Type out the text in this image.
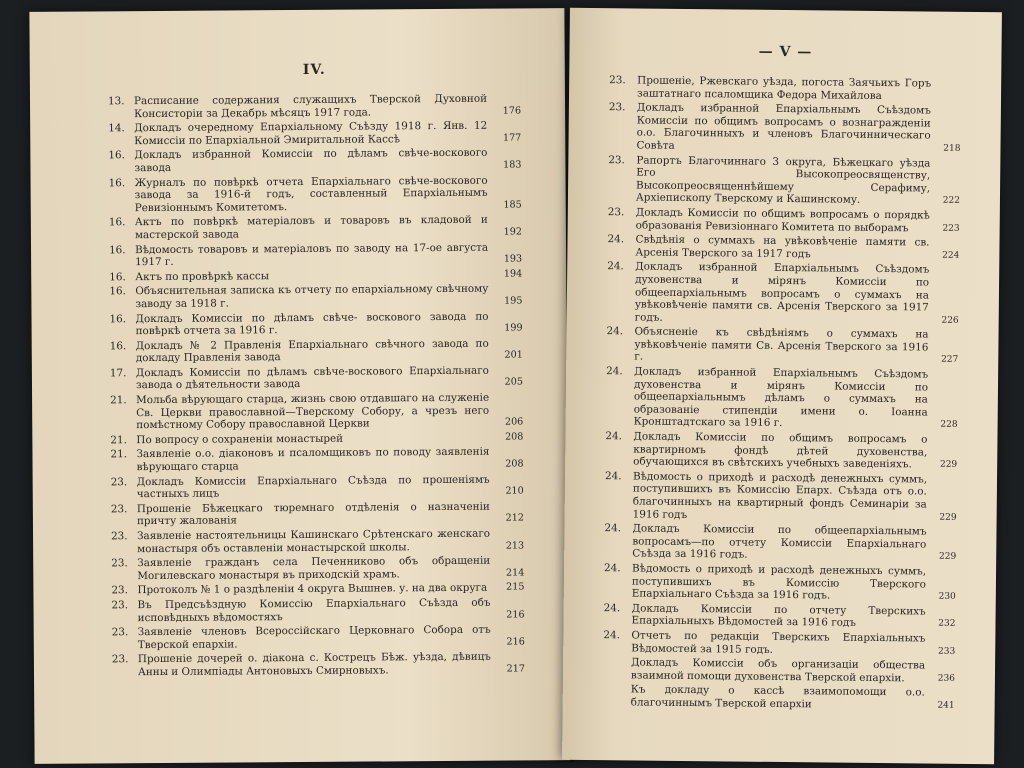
IV.
13. Расписание содержания служащихъ Тверской Духовной Консисторіи за Декабрь мѣсяцъ 1917 года.	176
14. Докладъ очередному Епархіальному Съѣзду 1918 г. Янв. 12 Комиссіи по Епархіальной Эмиритальной Кассѣ	177
16. Докладъ избранной Комиссіи по дѣламъ свѣче-воскового завода	183
16. Журналъ по повѣркѣ отчета Епархіальнаго свѣче-воскового завода за 1916-й годъ, составленный Епархіальнымъ Ревизіоннымъ Комитетомъ.	185
16. Актъ по повѣркѣ матеріаловъ и товаровъ въ кладовой и мастерской завода	192
16. Вѣдомость товаровъ и матеріаловъ по заводу на 17-ое августа 1917 г.	193
16. Актъ по провѣркѣ кассы	194
16. Объяснительная записка къ отчету по епархіальному свѣчному заводу за 1918 г.	195
16. Докладъ Комиссіи по дѣламъ свѣче- воскового завода по повѣркѣ отчета за 1916 г.	199
16. Докладъ № 2 Правленія Епархіальнаго свѣчного завода по докладу Правленія завода	201
17. Докладъ Комиссіи по дѣламъ свѣче-воскового Епархіальнаго завода о дѣятельности завода	205
21. Мольба вѣрующаго старца, жизнь свою отдавшаго на служеніе Св. Церкви православной—Тверскому Собору, а чрезъ него помѣстному Собору православной Церкви	206
21. По вопросу о сохраненіи монастырей	208
21. Заявленіе о.о. діаконовъ и псаломщиковъ по поводу заявленія вѣрующаго старца	208
23. Докладъ Комиссіи Епархіальнаго Съѣзда по прошеніямъ частныхъ лицъ	210
23. Прошеніе Бѣжецкаго тюремнаго отдѣленія о назначеніи причту жалованія	212
23. Заявленіе настоятельницы Кашинскаго Срѣтенскаго женскаго монастыря объ оставленіи монастырской школы.	213
23. Заявленіе гражданъ села Печенниково объ обращеніи Могилевскаго монастыря въ приходскій храмъ.	214
23. Протоколъ № 1 о раздѣленіи 4 округа Вышнев. у. на два округа	215
23. Въ Предсъѣздную Комиссію Епархіальнаго Съѣзда объ исповѣдныхъ вѣдомостяхъ	216
23. Заявленіе членовъ Всероссійскаго Церковнаго Собора отъ Тверской епархіи.	216
23. Прошеніе дочерей о. діакона с. Кострецъ Бѣж. уѣзда, дѣвицъ Анны и Олимпіады Антоновыхъ Смирновыхъ.	217
— V —
23.	Прошеніе, Ржевскаго уѣзда, погоста Заячьихъ Горъ заштатнаго псаломщика Федора Михайлова
23.	Докладъ избранной Епархіальнымъ Съѣздомъ Комиссіи по общимъ вопросамъ о вознагражденіи о.о. Благочинныхъ и членовъ Благочинническаго Совѣта	218
23.	Рапортъ Благочиннаго 3 округа, Бѣжецкаго уѣзда Его Высокопреосвященству, Высокопреосвященнѣйшему Серафиму, Архіепископу Тверскому и Кашинскому.	222
23.	Докладъ Комиссіи по общимъ вопросамъ о порядкѣ образованія Ревизіоннаго Комитета по выборамъ	223
24.	Свѣдѣнія о суммахъ на увѣковѣченіе памяти св. Арсенія Тверского за 1917 годъ	224
24.	Докладъ избранной Епархіальнымъ Съѣздомъ духовенства и мірянъ Комиссіи по общеепархіальнымъ вопросамъ о суммахъ на увѣковѣченіе памяти св. Арсенія Тверского за 1917 годъ.	226
24.	Объясненіе къ свѣдѣніямъ о суммахъ на увѣковѣченіе памяти Св. Арсенія Тверского за 1916 г.	227
24.	Докладъ избранной Епархіальнымъ Съѣздомъ духовенства и мірянъ Комиссіи по общеепархіальнымъ дѣламъ о суммахъ на образованіе стипендіи имени о. Іоанна Кронштадтскаго за 1916 г.	228
24.	Докладъ Комиссіи по общимъ вопросамъ о квартирномъ фондѣ дѣтей духовенства, обучающихся въ свѣтскихъ учебныхъ заведеніяхъ.	229
24.	Вѣдомость о приходѣ и расходѣ денежныхъ суммъ, поступившихъ въ Комиссію Епарх. Съѣзда отъ о.о. благочинныхъ на квартирный фондъ Семинаріи за 1916 годъ	229
24.	Докладъ Комиссіи по общеепархіальнымъ вопросамъ—по отчету Комиссіи Епархіальнаго Съѣзда за 1916 годъ.	229
24.	Вѣдомость о приходѣ и расходѣ денежныхъ суммъ, поступившихъ въ Комиссію Тверского Епархіальнаго Съѣзда за 1916 годъ.	230
24.	Докладъ Комиссіи по отчету Тверскихъ Епархіальныхъ Вѣдомостей за 1916 годъ	232
24.	Отчетъ по редакціи Тверскихъ Епархіальныхъ Вѣдомостей за 1915 годъ.	233
Докладъ Комиссіи объ организаціи общества взаимной помощи духовенства Тверской епархіи.	236
Къ докладу о кассѣ взаимопомощи о.о. благочиннымъ Тверской епархіи	241
